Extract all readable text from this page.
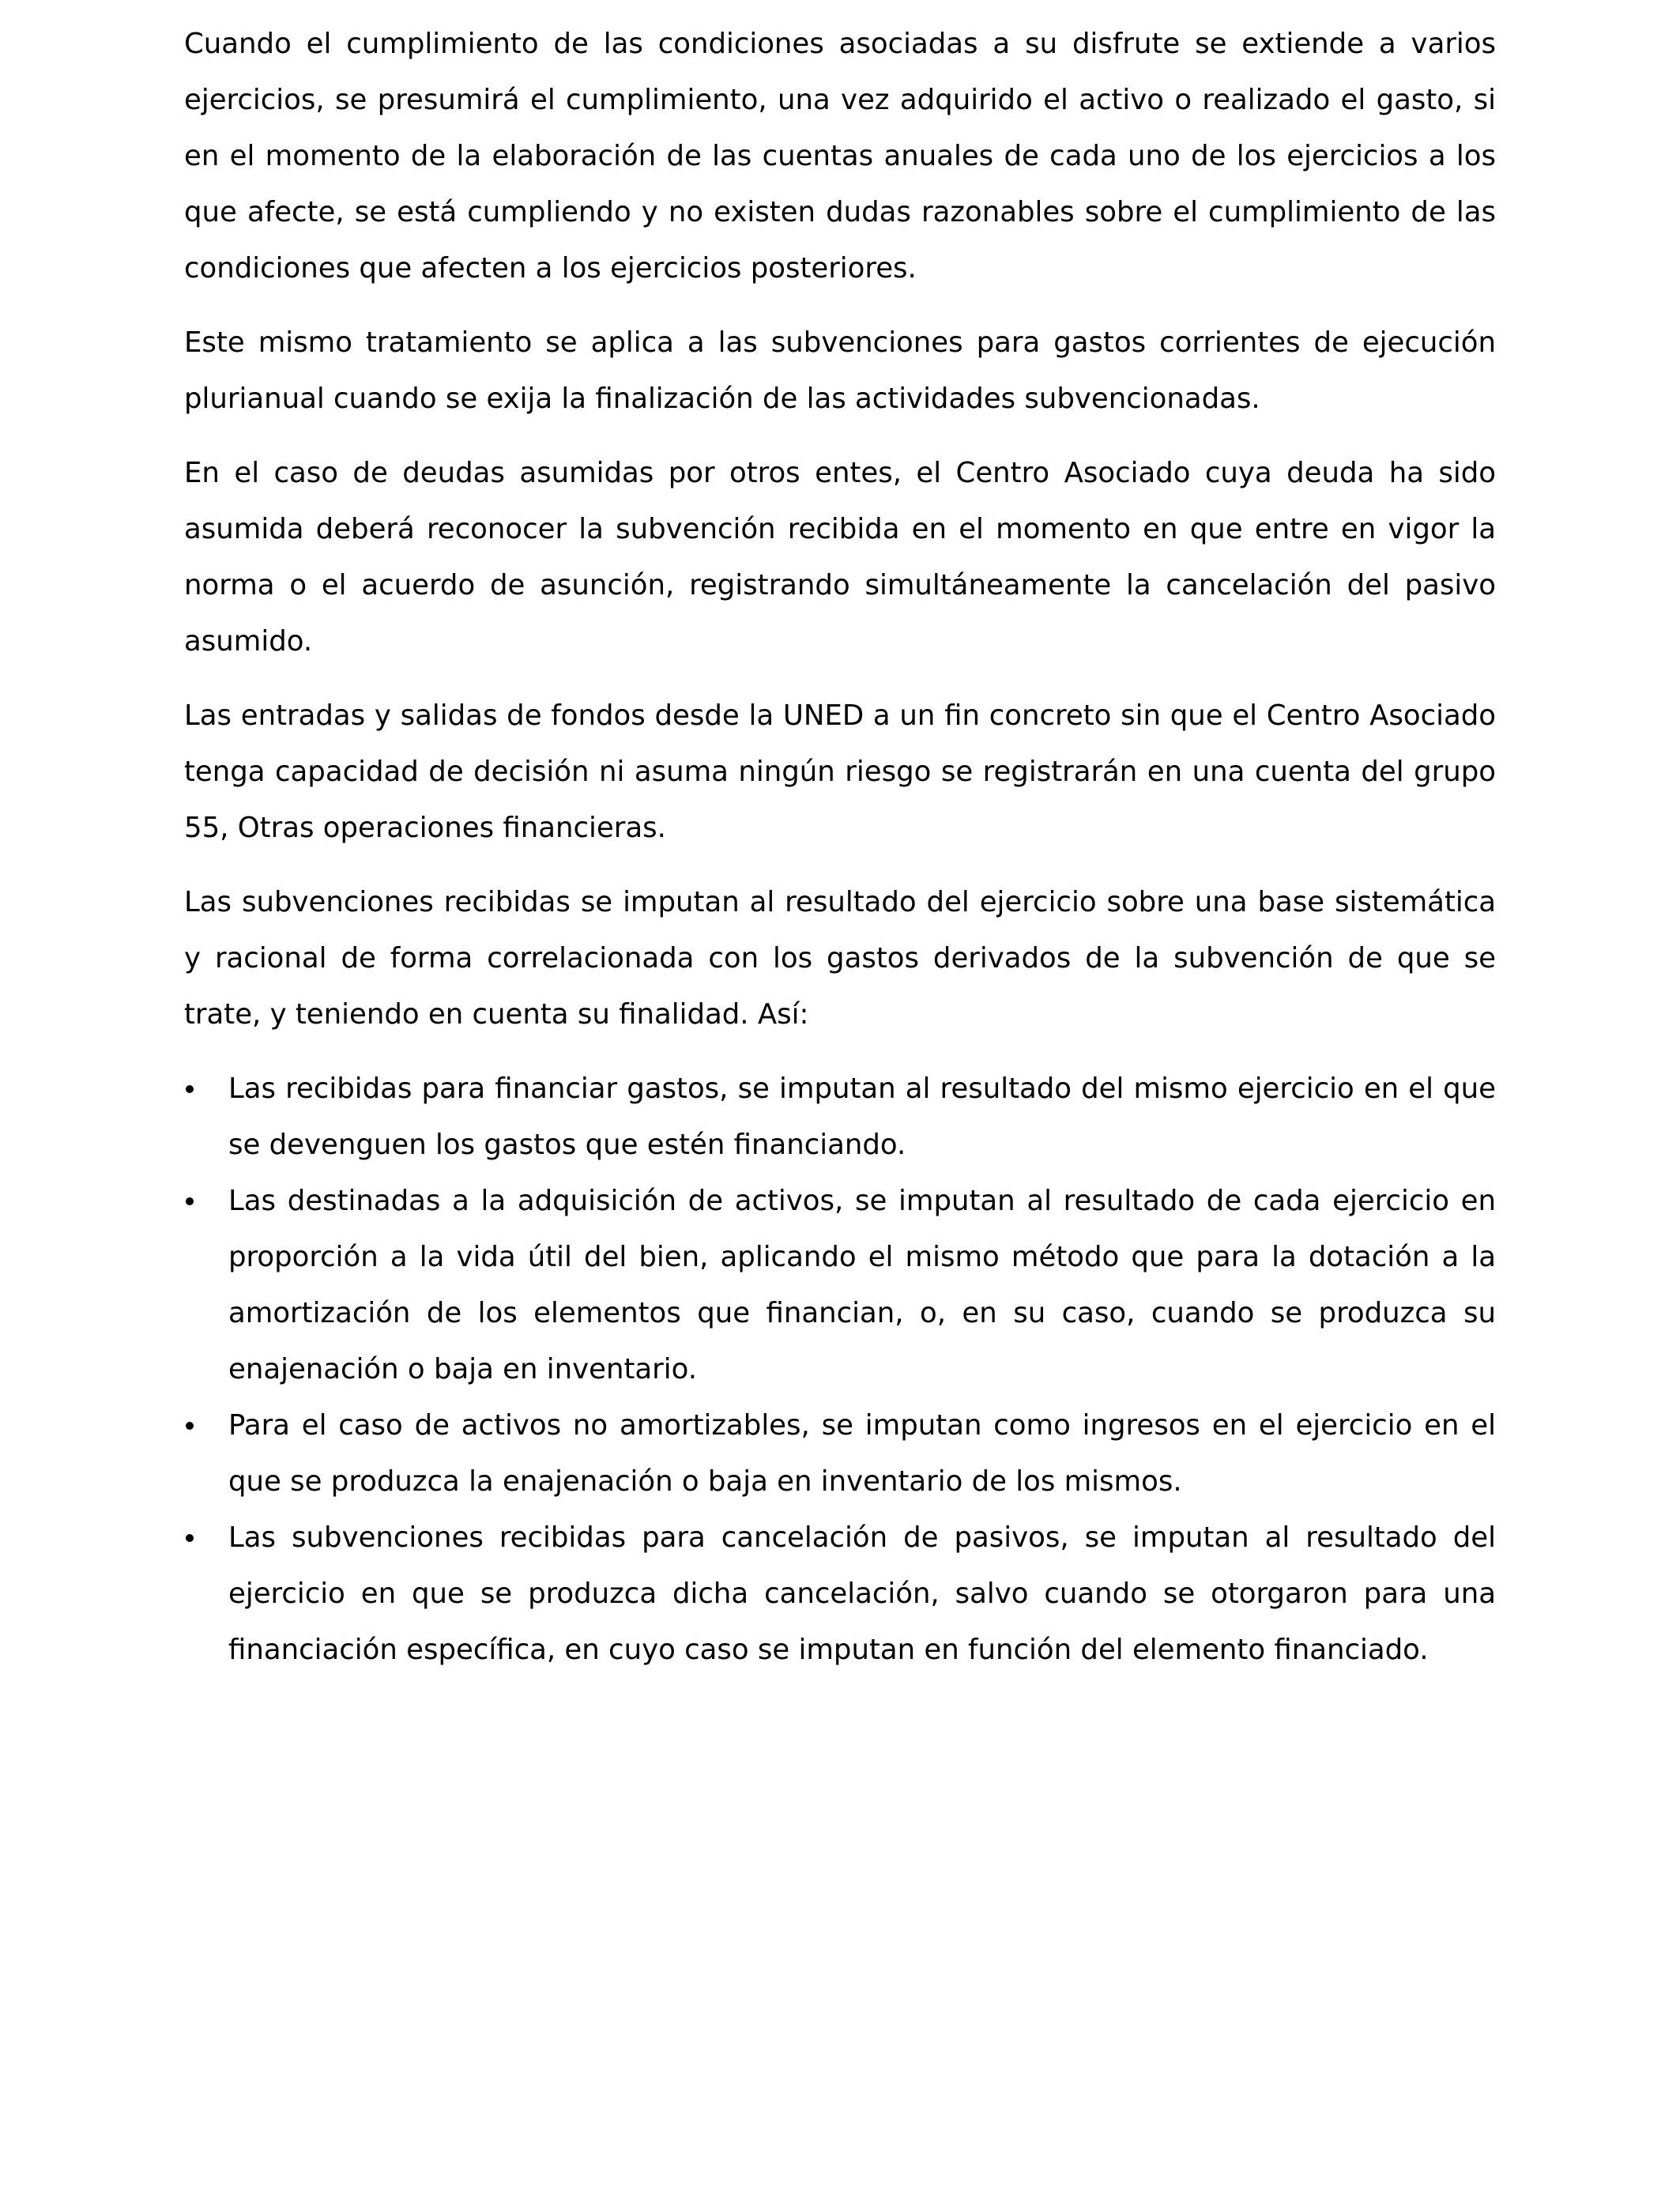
Cuando el cumplimiento de las condiciones asociadas a su disfrute se extiende a varios ejercicios, se presumirá el cumplimiento, una vez adquirido el activo o realizado el gasto, si en el momento de la elaboración de las cuentas anuales de cada uno de los ejercicios a los que afecte, se está cumpliendo y no existen dudas razonables sobre el cumplimiento de las condiciones que afecten a los ejercicios posteriores.

Este mismo tratamiento se aplica a las subvenciones para gastos corrientes de ejecución plurianual cuando se exija la finalización de las actividades subvencionadas.

En el caso de deudas asumidas por otros entes, el Centro Asociado cuya deuda ha sido asumida deberá reconocer la subvención recibida en el momento en que entre en vigor la norma o el acuerdo de asunción, registrando simultáneamente la cancelación del pasivo asumido.

Las entradas y salidas de fondos desde la UNED a un fin concreto sin que el Centro Asociado tenga capacidad de decisión ni asuma ningún riesgo se registrarán en una cuenta del grupo 55, Otras operaciones financieras.

Las subvenciones recibidas se imputan al resultado del ejercicio sobre una base sistemática y racional de forma correlacionada con los gastos derivados de la subvención de que se trate, y teniendo en cuenta su finalidad. Así:

Las recibidas para financiar gastos, se imputan al resultado del mismo ejercicio en el que se devenguen los gastos que estén financiando.
Las destinadas a la adquisición de activos, se imputan al resultado de cada ejercicio en proporción a la vida útil del bien, aplicando el mismo método que para la dotación a la amortización de los elementos que financian, o, en su caso, cuando se produzca su enajenación o baja en inventario.
Para el caso de activos no amortizables, se imputan como ingresos en el ejercicio en el que se produzca la enajenación o baja en inventario de los mismos.
Las subvenciones recibidas para cancelación de pasivos, se imputan al resultado del ejercicio en que se produzca dicha cancelación, salvo cuando se otorgaron para una financiación específica, en cuyo caso se imputan en función del elemento financiado.
